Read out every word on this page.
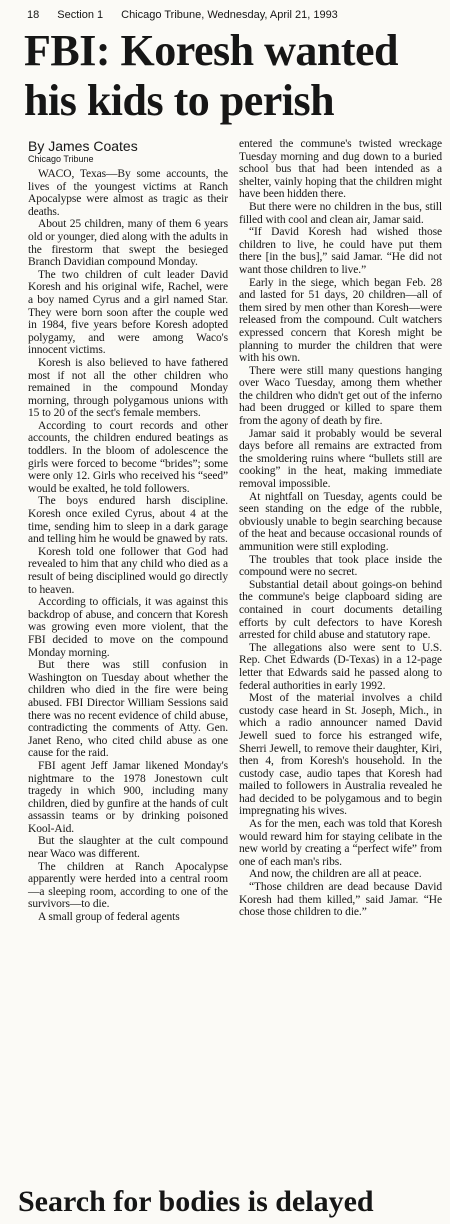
18 Section 1 Chicago Tribune, Wednesday, April 21, 1993
FBI: Koresh wanted
his kids to perish

By James Coates

Chicago Tribune

WACO, Texas—By some accounts, the lives of the youngest victims at Ranch Apocalypse were almost as tragic as their deaths.

About 25 children, many of them 6 years old or younger, died along with the adults in the firestorm that swept the besieged Branch Davidian compound Monday.

The two children of cult leader David Koresh and his original wife, Rachel, were a boy named Cyrus and a girl named Star. They were born soon after the couple wed in 1984, five years before Koresh adopted polygamy, and were among Waco's innocent victims.

Koresh is also believed to have fathered most if not all the other children who remained in the compound Monday morning, through polygamous unions with 15 to 20 of the sect's female members.

According to court records and other accounts, the children endured beatings as toddlers. In the bloom of adolescence the girls were forced to become “brides”; some were only 12. Girls who received his “seed” would be exalted, he told followers.

The boys endured harsh discipline. Koresh once exiled Cyrus, about 4 at the time, sending him to sleep in a dark garage and telling him he would be gnawed by rats.

Koresh told one follower that God had revealed to him that any child who died as a result of being disciplined would go directly to heaven.

According to officials, it was against this backdrop of abuse, and concern that Koresh was growing even more violent, that the FBI decided to move on the compound Monday morning.

But there was still confusion in Washington on Tuesday about whether the children who died in the fire were being abused. FBI Director William Sessions said there was no recent evidence of child abuse, contradicting the comments of Atty. Gen. Janet Reno, who cited child abuse as one cause for the raid.

FBI agent Jeff Jamar likened Monday's nightmare to the 1978 Jonestown cult tragedy in which 900, including many children, died by gunfire at the hands of cult assassin teams or by drinking poisoned Kool-Aid.

But the slaughter at the cult compound near Waco was different.

The children at Ranch Apocalypse apparently were herded into a central room—a sleeping room, according to one of the survivors—to die.

A small group of federal agents

entered the commune's twisted wreckage Tuesday morning and dug down to a buried school bus that had been intended as a shelter, vainly hoping that the children might have been hidden there.

But there were no children in the bus, still filled with cool and clean air, Jamar said.

“If David Koresh had wished those children to live, he could have put them there [in the bus],” said Jamar. “He did not want those children to live.”

Early in the siege, which began Feb. 28 and lasted for 51 days, 20 children—all of them sired by men other than Koresh—were released from the compound. Cult watchers expressed concern that Koresh might be planning to murder the children that were with his own.

There were still many questions hanging over Waco Tuesday, among them whether the children who didn't get out of the inferno had been drugged or killed to spare them from the agony of death by fire.

Jamar said it probably would be several days before all remains are extracted from the smoldering ruins where “bullets still are cooking” in the heat, making immediate removal impossible.

At nightfall on Tuesday, agents could be seen standing on the edge of the rubble, obviously unable to begin searching because of the heat and because occasional rounds of ammunition were still exploding.

The troubles that took place inside the compound were no secret.

Substantial detail about goings-on behind the commune's beige clapboard siding are contained in court documents detailing efforts by cult defectors to have Koresh arrested for child abuse and statutory rape.

The allegations also were sent to U.S. Rep. Chet Edwards (D-Texas) in a 12-page letter that Edwards said he passed along to federal authorities in early 1992.

Most of the material involves a child custody case heard in St. Joseph, Mich., in which a radio announcer named David Jewell sued to force his estranged wife, Sherri Jewell, to remove their daughter, Kiri, then 4, from Koresh's household. In the custody case, audio tapes that Koresh had mailed to followers in Australia revealed he had decided to be polygamous and to begin impregnating his wives.

As for the men, each was told that Koresh would reward him for staying celibate in the new world by creating a “perfect wife” from one of each man's ribs.

And now, the children are all at peace.

“Those children are dead because David Koresh had them killed,” said Jamar. “He chose those children to die.”

Search for bodies is delayed
